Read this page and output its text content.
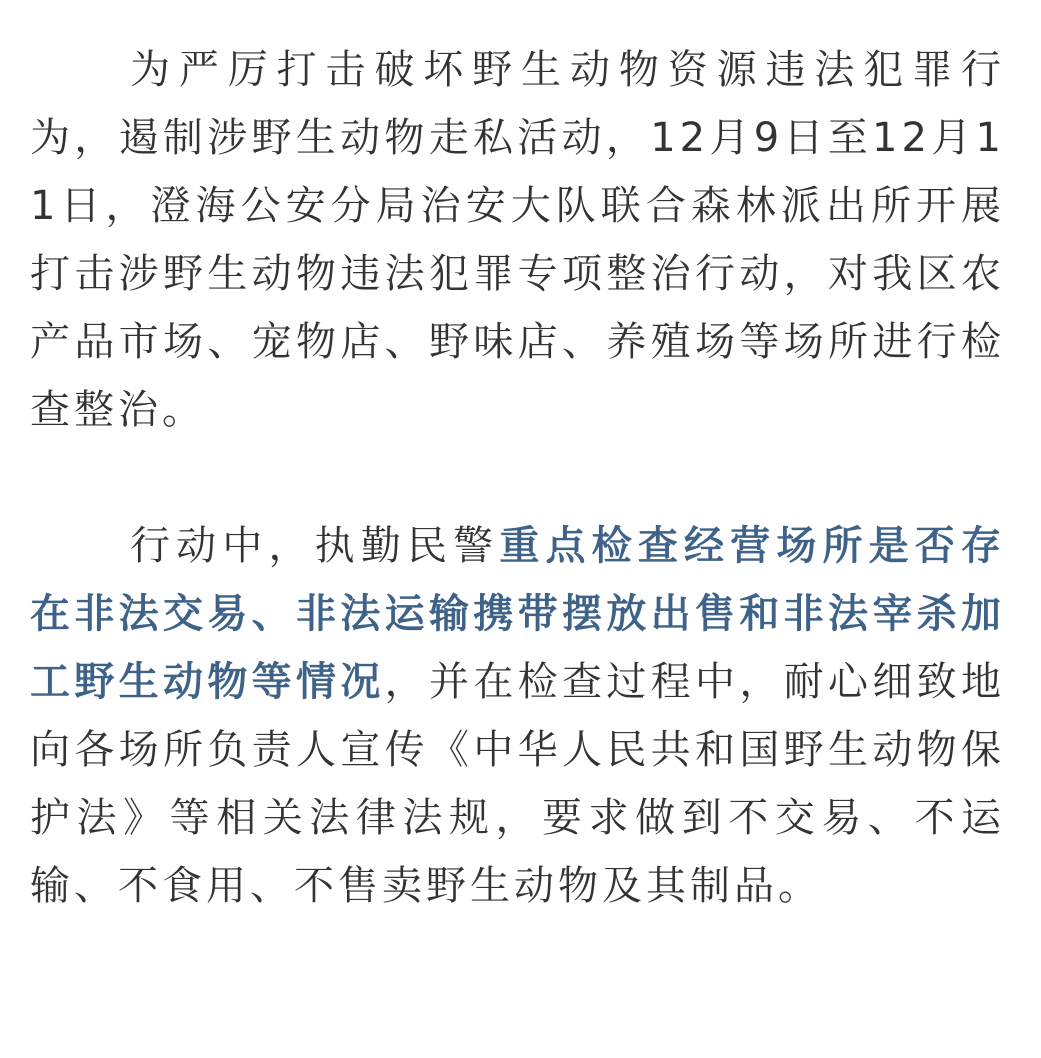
为严厉打击破坏野生动物资源违法犯罪行为，遏制涉野生动物走私活动，12月9日至12月11日，澄海公安分局治安大队联合森林派出所开展打击涉野生动物违法犯罪专项整治行动，对我区农产品市场、宠物店、野味店、养殖场等场所进行检查整治。

行动中，执勤民警重点检查经营场所是否存在非法交易、非法运输携带摆放出售和非法宰杀加工野生动物等情况，并在检查过程中，耐心细致地向各场所负责人宣传《中华人民共和国野生动物保护法》等相关法律法规，要求做到不交易、不运输、不食用、不售卖野生动物及其制品。
